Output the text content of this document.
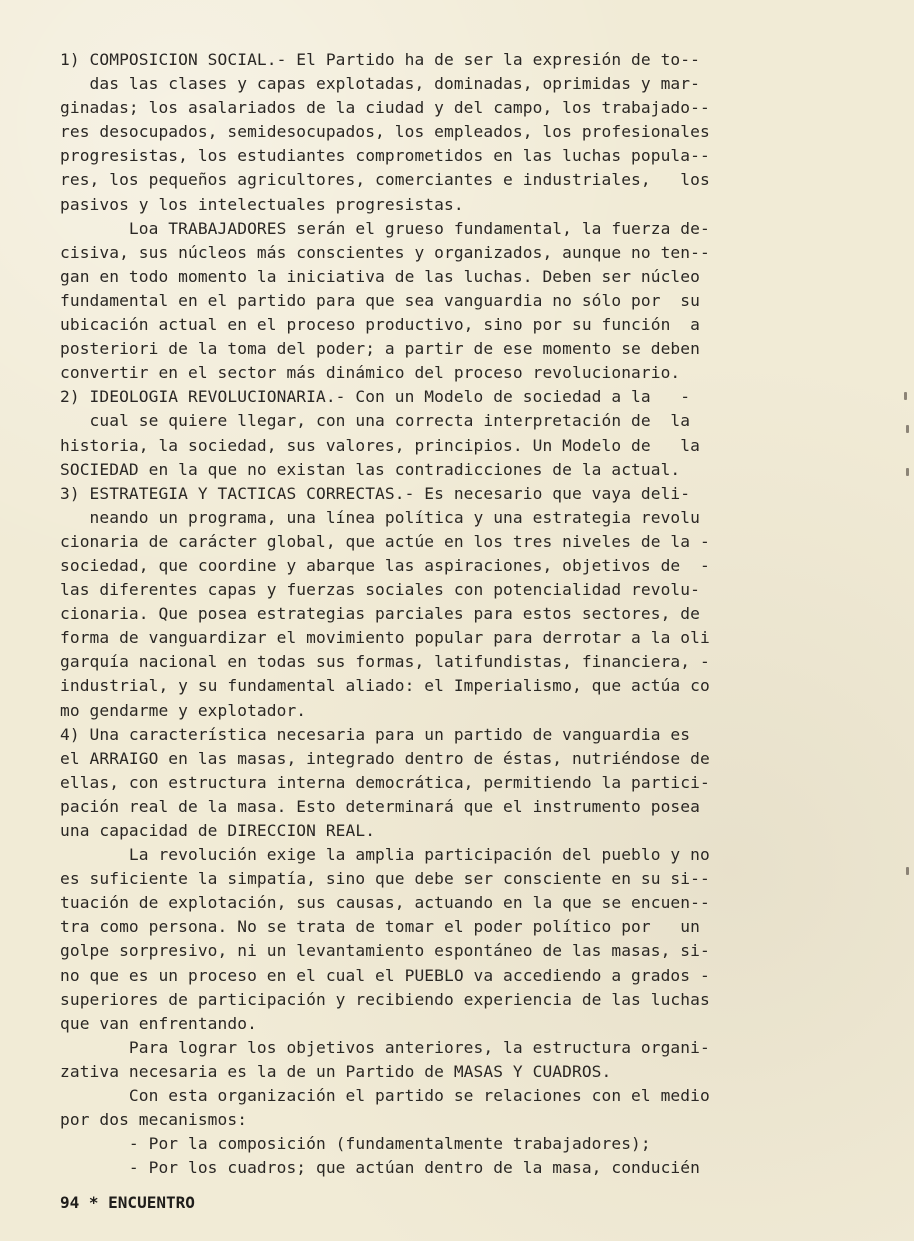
1) COMPOSICION SOCIAL.- El Partido ha de ser la expresión de to--
das las clases y capas explotadas, dominadas, oprimidas y mar-
ginadas; los asalariados de la ciudad y del campo, los trabajado--
res desocupados, semidesocupados, los empleados, los profesionales
progresistas, los estudiantes comprometidos en las luchas popula--
res, los pequeños agricultores, comerciantes e industriales,   los
pasivos y los intelectuales progresistas.
Loa TRABAJADORES serán el grueso fundamental, la fuerza de-
cisiva, sus núcleos más conscientes y organizados, aunque no ten--
gan en todo momento la iniciativa de las luchas. Deben ser núcleo
fundamental en el partido para que sea vanguardia no sólo por  su
ubicación actual en el proceso productivo, sino por su función  a
posteriori de la toma del poder; a partir de ese momento se deben
convertir en el sector más dinámico del proceso revolucionario.
2) IDEOLOGIA REVOLUCIONARIA.- Con un Modelo de sociedad a la   -
cual se quiere llegar, con una correcta interpretación de  la
historia, la sociedad, sus valores, principios. Un Modelo de   la
SOCIEDAD en la que no existan las contradicciones de la actual.
3) ESTRATEGIA Y TACTICAS CORRECTAS.- Es necesario que vaya deli-
neando un programa, una línea política y una estrategia revolu
cionaria de carácter global, que actúe en los tres niveles de la -
sociedad, que coordine y abarque las aspiraciones, objetivos de  -
las diferentes capas y fuerzas sociales con potencialidad revolu-
cionaria. Que posea estrategias parciales para estos sectores, de
forma de vanguardizar el movimiento popular para derrotar a la oli
garquía nacional en todas sus formas, latifundistas, financiera, -
industrial, y su fundamental aliado: el Imperialismo, que actúa co
mo gendarme y explotador.
4) Una característica necesaria para un partido de vanguardia es
el ARRAIGO en las masas, integrado dentro de éstas, nutriéndose de
ellas, con estructura interna democrática, permitiendo la partici-
pación real de la masa. Esto determinará que el instrumento posea
una capacidad de DIRECCION REAL.
La revolución exige la amplia participación del pueblo y no
es suficiente la simpatía, sino que debe ser consciente en su si--
tuación de explotación, sus causas, actuando en la que se encuen--
tra como persona. No se trata de tomar el poder político por   un
golpe sorpresivo, ni un levantamiento espontáneo de las masas, si-
no que es un proceso en el cual el PUEBLO va accediendo a grados -
superiores de participación y recibiendo experiencia de las luchas
que van enfrentando.
Para lograr los objetivos anteriores, la estructura organi-
zativa necesaria es la de un Partido de MASAS Y CUADROS.
Con esta organización el partido se relaciones con el medio
por dos mecanismos:
- Por la composición (fundamentalmente trabajadores);
- Por los cuadros; que actúan dentro de la masa, conducién
94 * ENCUENTRO
